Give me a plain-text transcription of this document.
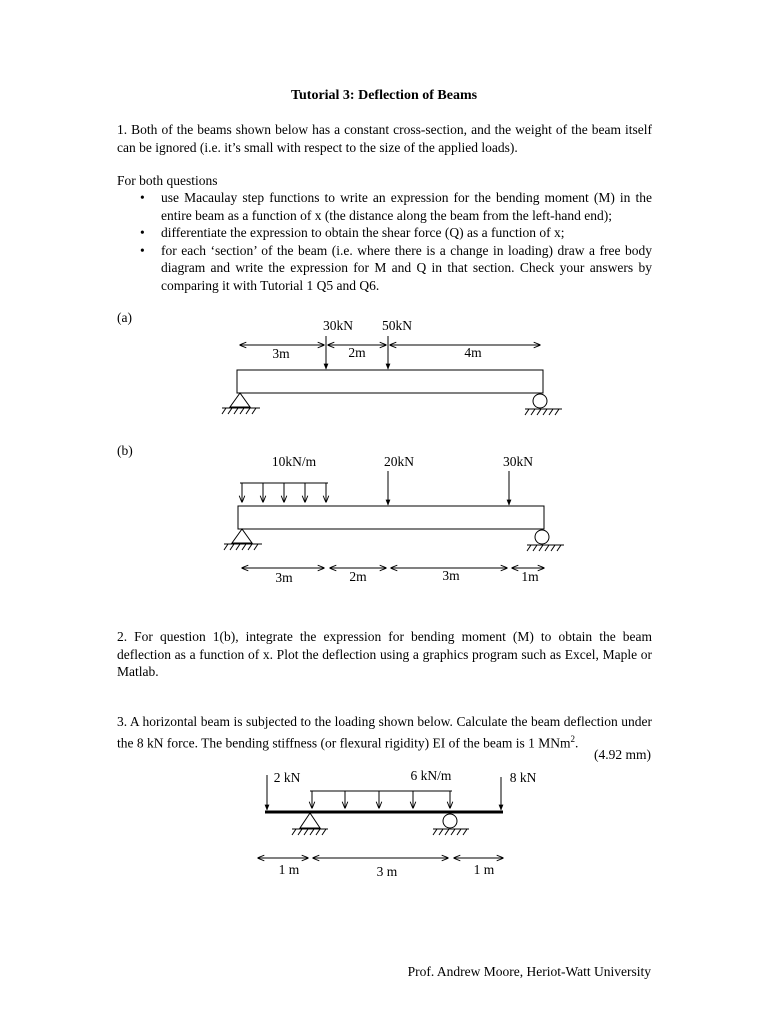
Tutorial 3: Deflection of Beams
1. Both of the beams shown below has a constant cross-section, and the weight of the beam itself can be ignored (i.e. it’s small with respect to the size of the applied loads).
For both questions
• use Macaulay step functions to write an expression for the bending moment (M) in the entire beam as a function of x (the distance along the beam from the left-hand end);
• differentiate the expression to obtain the shear force (Q) as a function of x;
• for each ‘section’ of the beam (i.e. where there is a change in loading) draw a free body diagram and write the expression for M and Q in that section. Check your answers by comparing it with Tutorial 1 Q5 and Q6.
(a)
(b)
30kN 50kN
3m	2m	4m
10kN/m	20kN	30kN
3m	2m	3m	1m
2. For question 1(b), integrate the expression for bending moment (M) to obtain the beam deflection as a function of x. Plot the deflection using a graphics program such as Excel, Maple or Matlab.
3. A horizontal beam is subjected to the loading shown below. Calculate the beam deflection under the 8 kN force. The bending stiffness (or flexural rigidity) EI of the beam is 1 MNm$^2$.
(4.92 mm)
2 kN	6 kN/m	8 kN
1 m	3 m	1 m
Prof. Andrew Moore, Heriot-Watt University
